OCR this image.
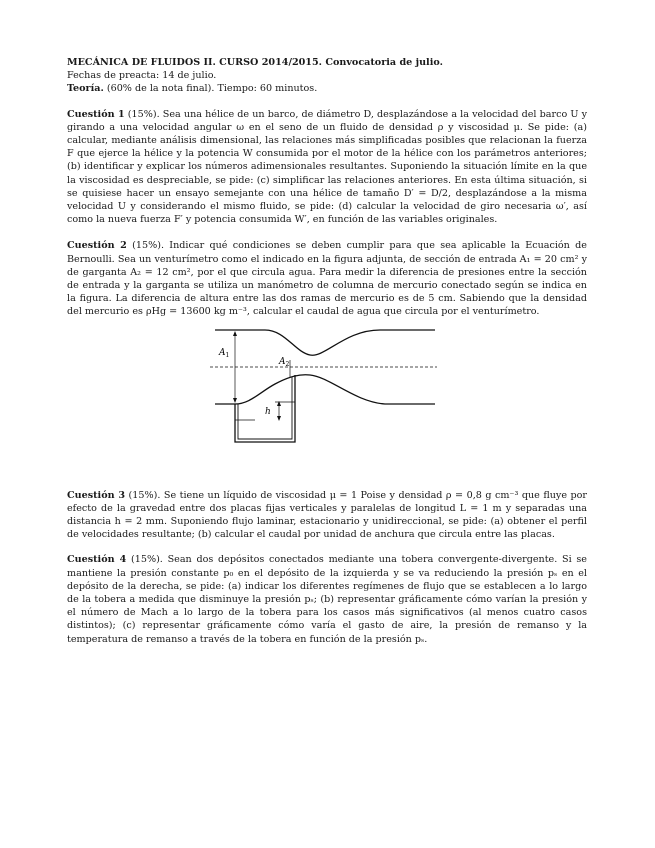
MECÁNICA DE FLUIDOS II. CURSO 2014/2015. Convocatoria de julio.
Fechas de preacta: 14 de julio.
Teoría. (60% de la nota final). Tiempo: 60 minutos.
Cuestión 1 (15%). Sea una hélice de un barco, de diámetro D, desplazándose a la velocidad del barco U y girando a una velocidad angular ω en el seno de un fluido de densidad ρ y viscosidad μ. Se pide: (a) calcular, mediante análisis dimensional, las relaciones más simplificadas posibles que relacionan la fuerza F que ejerce la hélice y la potencia W consumida por el motor de la hélice con los parámetros anteriores; (b) identificar y explicar los números adimensionales resultantes. Suponiendo la situación límite en la que la viscosidad es despreciable, se pide: (c) simplificar las relaciones anteriores. En esta última situación, si se quisiese hacer un ensayo semejante con una hélice de tamaño D′ = D/2, desplazándose a la misma velocidad U y considerando el mismo fluido, se pide: (d) calcular la velocidad de giro necesaria ω′, así como la nueva fuerza F′ y potencia consumida W′, en función de las variables originales.
Cuestión 2 (15%). Indicar qué condiciones se deben cumplir para que sea aplicable la Ecuación de Bernoulli. Sea un venturímetro como el indicado en la figura adjunta, de sección de entrada A₁ = 20 cm² y de garganta A₂ = 12 cm², por el que circula agua. Para medir la diferencia de presiones entre la sección de entrada y la garganta se utiliza un manómetro de columna de mercurio conectado según se indica en la figura. La diferencia de altura entre las dos ramas de mercurio es de 5 cm. Sabiendo que la densidad del mercurio es ρHg = 13600 kg m⁻³, calcular el caudal de agua que circula por el venturímetro.
Cuestión 3 (15%). Se tiene un líquido de viscosidad μ = 1 Poise y densidad ρ = 0,8 g cm⁻³ que fluye por efecto de la gravedad entre dos placas fijas verticales y paralelas de longitud L = 1 m y separadas una distancia h = 2 mm. Suponiendo flujo laminar, estacionario y unidireccional, se pide: (a) obtener el perfil de velocidades resultante; (b) calcular el caudal por unidad de anchura que circula entre las placas.
Cuestión 4 (15%). Sean dos depósitos conectados mediante una tobera convergente-divergente. Si se mantiene la presión constante p₀ en el depósito de la izquierda y se va reduciendo la presión pₛ en el depósito de la derecha, se pide: (a) indicar los diferentes regímenes de flujo que se establecen a lo largo de la tobera a medida que disminuye la presión pₛ; (b) representar gráficamente cómo varían la presión y el número de Mach a lo largo de la tobera para los casos más significativos (al menos cuatro casos distintos); (c) representar gráficamente cómo varía el gasto de aire, la presión de remanso y la temperatura de remanso a través de la tobera en función de la presión pₛ.
$A_1$
$A_2$
h
